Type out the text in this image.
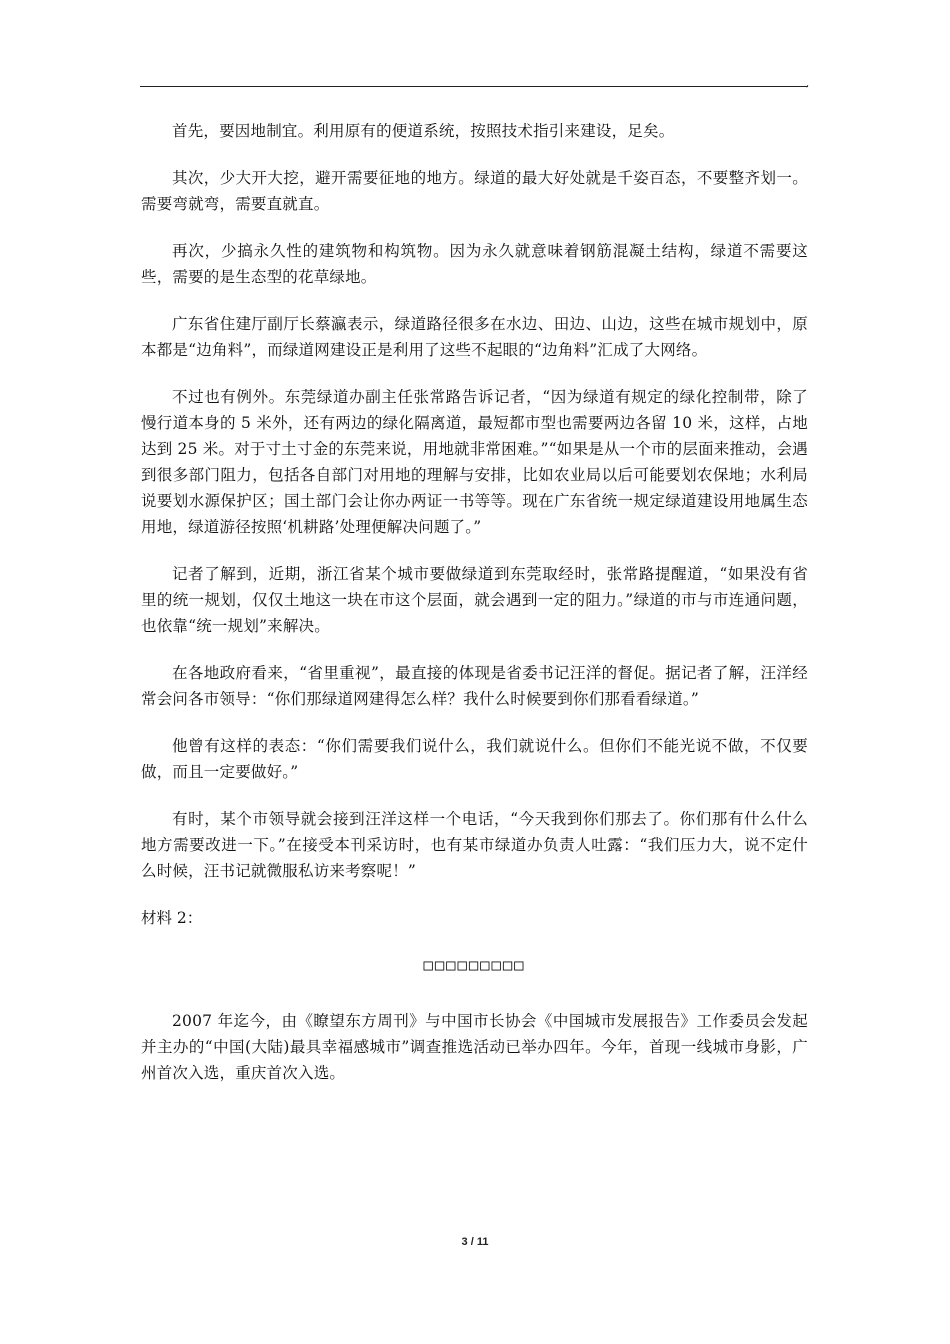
,

首先，要因地制宜。利用原有的便道系统，按照技术指引来建设，足矣。

其次，少大开大挖，避开需要征地的地方。绿道的最大好处就是千姿百态，不要整齐划一。需要弯就弯，需要直就直。

再次，少搞永久性的建筑物和构筑物。因为永久就意味着钢筋混凝土结构，绿道不需要这些，需要的是生态型的花草绿地。

广东省住建厅副厅长蔡瀛表示，绿道路径很多在水边、田边、山边，这些在城市规划中，原本都是“边角料”，而绿道网建设正是利用了这些不起眼的“边角料”汇成了大网络。

不过也有例外。东莞绿道办副主任张常路告诉记者，“因为绿道有规定的绿化控制带，除了慢行道本身的 5 米外，还有两边的绿化隔离道，最短都市型也需要两边各留 10 米，这样，占地达到 25 米。对于寸土寸金的东莞来说，用地就非常困难。”“如果是从一个市的层面来推动，会遇到很多部门阻力，包括各自部门对用地的理解与安排，比如农业局以后可能要划农保地；水利局说要划水源保护区；国土部门会让你办两证一书等等。现在广东省统一规定绿道建设用地属生态用地，绿道游径按照‘机耕路’处理便解决问题了。”

记者了解到，近期，浙江省某个城市要做绿道到东莞取经时，张常路提醒道，“如果没有省里的统一规划，仅仅土地这一块在市这个层面，就会遇到一定的阻力。”绿道的市与市连通问题，也依靠“统一规划”来解决。

在各地政府看来，“省里重视”，最直接的体现是省委书记汪洋的督促。据记者了解，汪洋经常会问各市领导：“你们那绿道网建得怎么样？我什么时候要到你们那看看绿道。”

他曾有这样的表态：“你们需要我们说什么，我们就说什么。但你们不能光说不做，不仅要做，而且一定要做好。”

有时，某个市领导就会接到汪洋这样一个电话，“今天我到你们那去了。你们那有什么什么地方需要改进一下。”在接受本刊采访时，也有某市绿道办负责人吐露：“我们压力大，说不定什么时候，汪书记就微服私访来考察呢！”

材料 2：

□□□□□□□□□

2007 年迄今，由《瞭望东方周刊》与中国市长协会《中国城市发展报告》工作委员会发起并主办的“中国(大陆)最具幸福感城市”调查推选活动已举办四年。今年，首现一线城市身影，广州首次入选，重庆首次入选。

3 / 11
